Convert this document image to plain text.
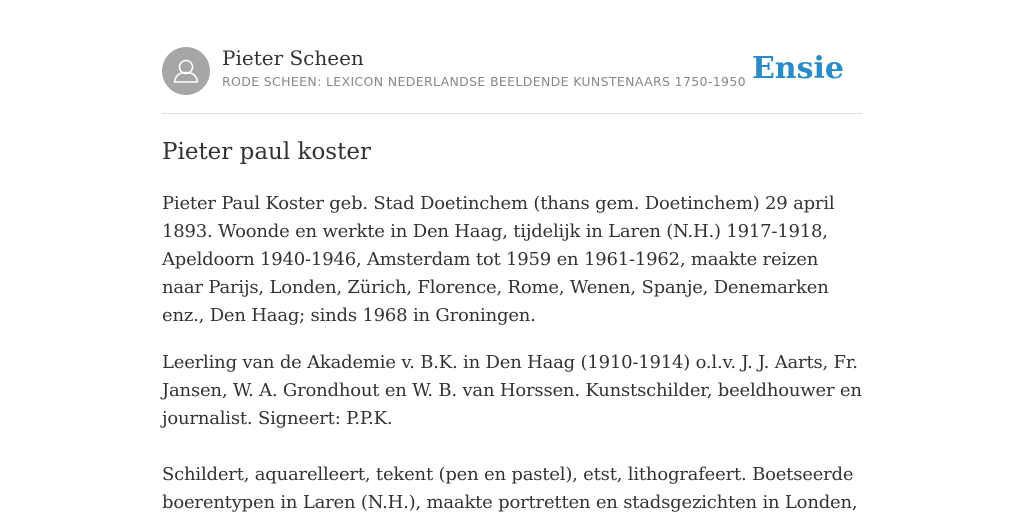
Pieter Scheen
RODE SCHEEN: LEXICON NEDERLANDSE BEELDENDE KUNSTENAARS 1750-1950 Ensie
Pieter paul koster

Pieter Paul Koster geb. Stad Doetinchem (thans gem. Doetinchem) 29 april 1893. Woonde en werkte in Den Haag, tijdelijk in Laren (N.H.) 1917-1918, Apeldoorn 1940-1946, Amsterdam tot 1959 en 1961-1962, maakte reizen naar Parijs, Londen, Zürich, Florence, Rome, Wenen, Spanje, Denemarken enz., Den Haag; sinds 1968 in Groningen.

Leerling van de Akademie v. B.K. in Den Haag (1910-1914) o.l.v. J. J. Aarts, Fr. Jansen, W. A. Grondhout en W. B. van Horssen. Kunstschilder, beeldhouwer en journalist. Signeert: P.P.K.

Schildert, aquarelleert, tekent (pen en pastel), etst, lithografeert. Boetseerde boerentypen in Laren (N.H.), maakte portretten en stadsgezichten in Londen,
